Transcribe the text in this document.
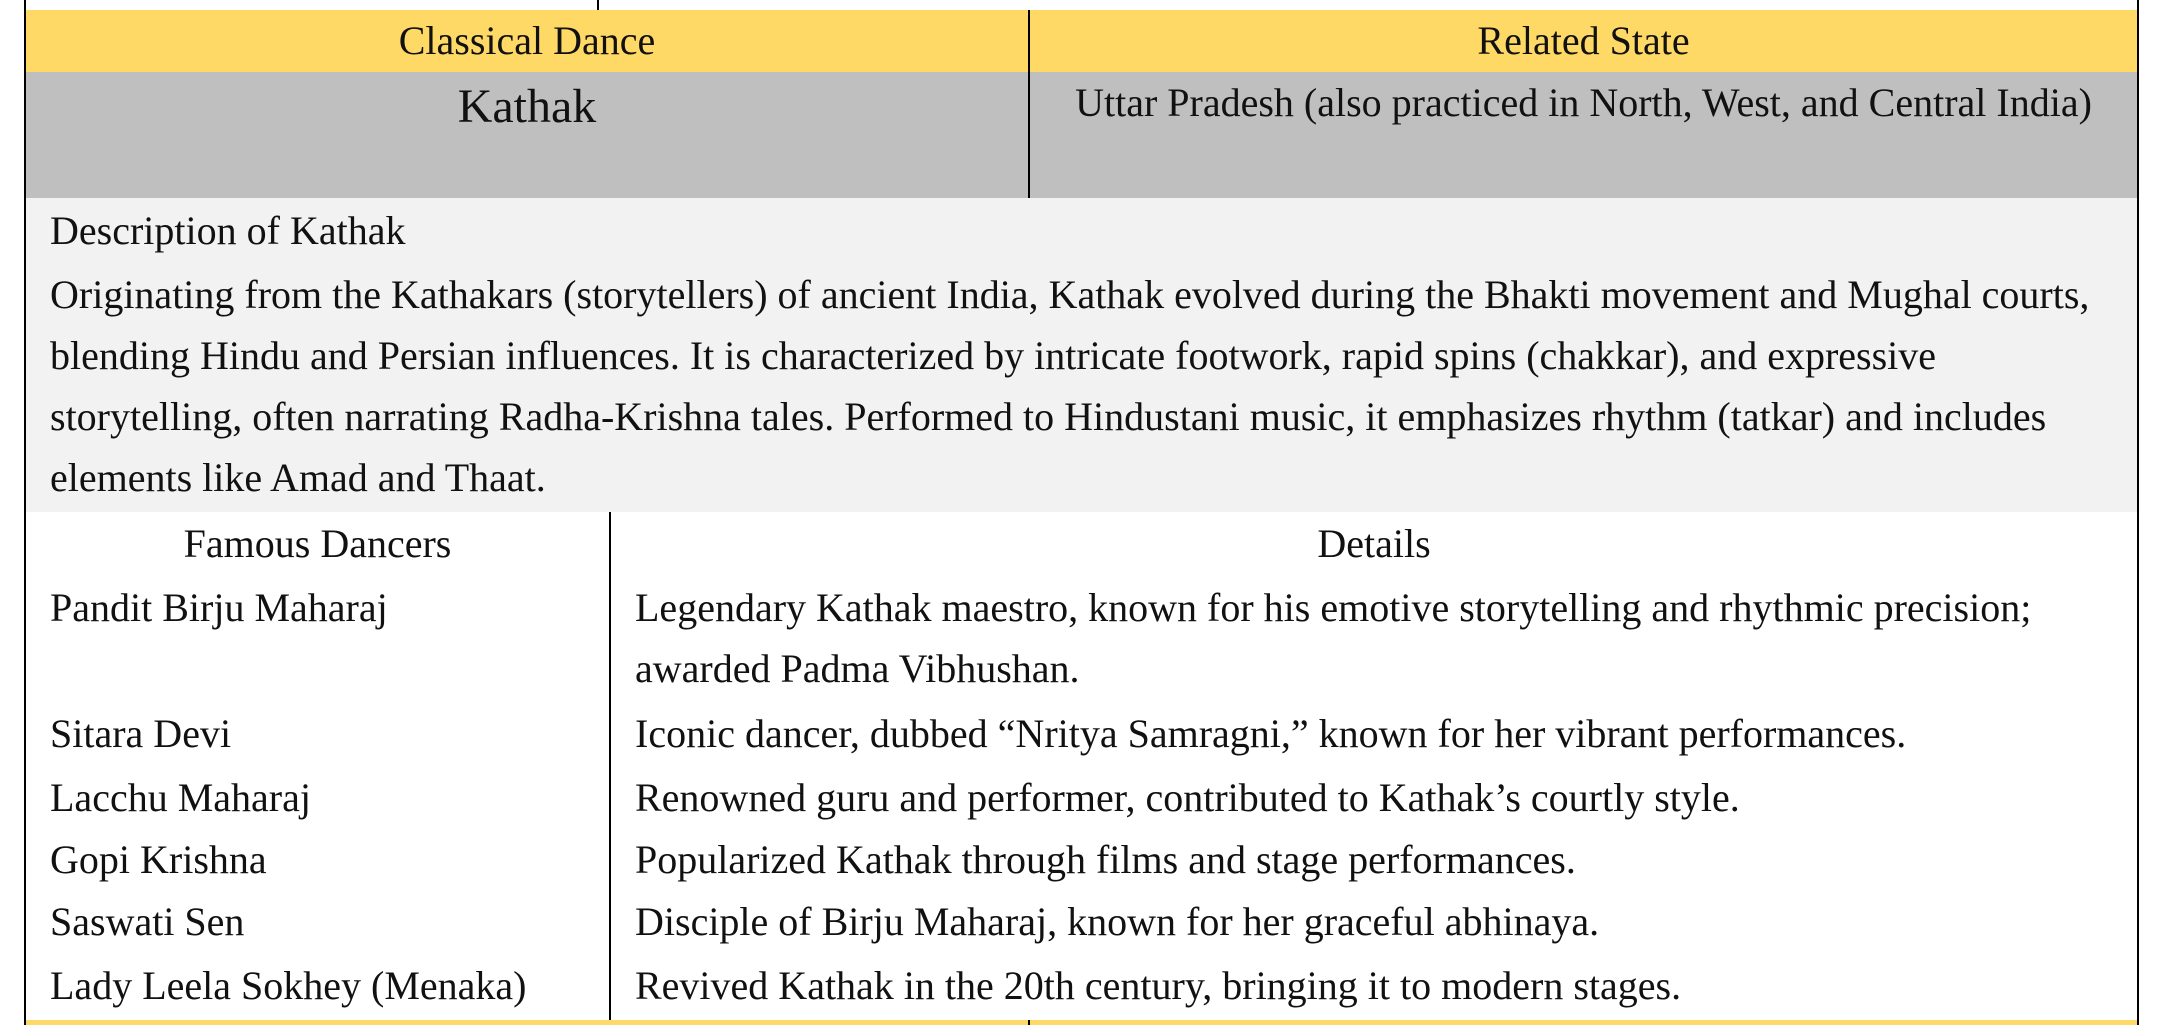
Classical Dance	Related State
Kathak	Uttar Pradesh (also practiced in North, West, and Central India)
Description of Kathak
Originating from the Kathakars (storytellers) of ancient India, Kathak evolved during the Bhakti movement and Mughal courts, blending Hindu and Persian influences. It is characterized by intricate footwork, rapid spins (chakkar), and expressive storytelling, often narrating Radha-Krishna tales. Performed to Hindustani music, it emphasizes rhythm (tatkar) and includes elements like Amad and Thaat.
Famous Dancers	Details
Pandit Birju Maharaj	Legendary Kathak maestro, known for his emotive storytelling and rhythmic precision; awarded Padma Vibhushan.
Sitara Devi	Iconic dancer, dubbed “Nritya Samragni,” known for her vibrant performances.
Lacchu Maharaj	Renowned guru and performer, contributed to Kathak’s courtly style.
Gopi Krishna	Popularized Kathak through films and stage performances.
Saswati Sen	Disciple of Birju Maharaj, known for her graceful abhinaya.
Lady Leela Sokhey (Menaka)	Revived Kathak in the 20th century, bringing it to modern stages.
